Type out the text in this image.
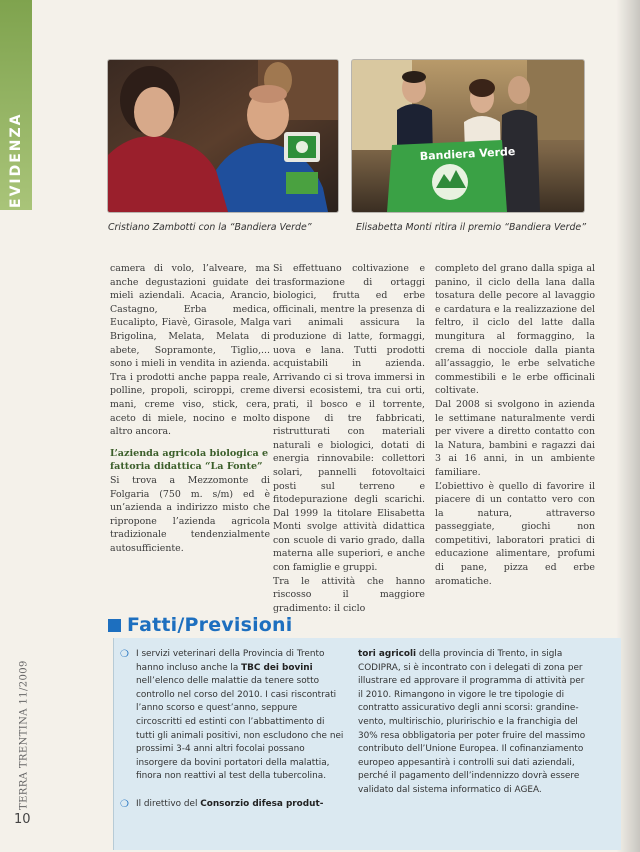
EVIDENZA	Bandiera Verde
Cristiano Zambotti con la “Bandiera Verde”	Elisabetta Monti ritira il premio “Bandiera Verde”

camera di volo, l’alveare, ma anche degustazioni guidate dei mieli aziendali. Acacia, Arancio, Castagno, Erba medica, Eucalipto, Fiavè, Girasole, Malga Brigolina, Melata, Melata di abete, Sopramonte, Tiglio,... sono i mieli in vendita in azienda. Tra i prodotti anche pappa reale, polline, propoli, sciroppi, creme mani, creme viso, stick, cera, aceto di miele, nocino e molto altro ancora.

L’azienda agricola biologica e fattoria didattica “La Fonte”

Si trova a Mezzomonte di Folgaria (750 m. s/m) ed è un’azienda a indirizzo misto che ripropone l’azienda agricola tradizionale tendenzialmente autosufficiente.

Si effettuano coltivazione e trasformazione di ortaggi biologici, frutta ed erbe officinali, mentre la presenza di vari animali assicura la produzione di latte, formaggi, uova e lana. Tutti prodotti acquistabili in azienda. Arrivando ci si trova immersi in diversi ecosistemi, tra cui orti, prati, il bosco e il torrente, dispone di tre fabbricati, ristrutturati con materiali naturali e biologici, dotati di energia rinnovabile: collettori solari, pannelli fotovoltaici posti sul terreno e fitodepurazione degli scarichi. Dal 1999 la titolare Elisabetta Monti svolge attività didattica con scuole di vario grado, dalla materna alle superiori, e anche con famiglie e gruppi.

Tra le attività che hanno riscosso il maggiore gradimento: il ciclo

completo del grano dalla spiga al panino, il ciclo della lana dalla tosatura delle pecore al lavaggio e cardatura e la realizzazione del feltro, il ciclo del latte dalla mungitura al formaggino, la crema di nocciole dalla pianta all’assaggio, le erbe selvatiche commestibili e le erbe officinali coltivate.

Dal 2008 si svolgono in azienda le settimane naturalmente verdi per vivere a diretto contatto con la Natura, bambini e ragazzi dai 3 ai 16 anni, in un ambiente familiare.

L’obiettivo è quello di favorire il piacere di un contatto vero con la natura, attraverso passeggiate, giochi non competitivi, laboratori pratici di educazione alimentare, profumi di pane, pizza ed erbe aromatiche.

Fatti/Previsioni
❍ I servizi veterinari della Provincia di Trento hanno incluso anche la TBC dei bovini nell’elenco delle malattie da tenere sotto controllo nel corso del 2010. I casi riscontrati l’anno scorso e quest’anno, seppure circoscritti ed estinti con l’abbattimento di tutti gli animali positivi, non escludono che nei prossimi 3-4 anni altri focolai possano insorgere da bovini portatori della malattia, finora non reattivi al test della tubercolina.

❍ Il direttivo del Consorzio difesa produt-

tori agricoli della provincia di Trento, in sigla CODIPRA, si è incontrato con i delegati di zona per illustrare ed approvare il programma di attività per il 2010. Rimangono in vigore le tre tipologie di contratto assicurativo degli anni scorsi: grandine-vento, multirischio, pluririschio e la franchigia del 30% resa obbligatoria per poter fruire del massimo contributo dell’Unione Europea. Il cofinanziamento europeo appesantirà i controlli sui dati aziendali, perché il pagamento dell’indennizzo dovrà essere validato dal sistema informatico di AGEA.

TERRA TRENTINA 11/2009
10
